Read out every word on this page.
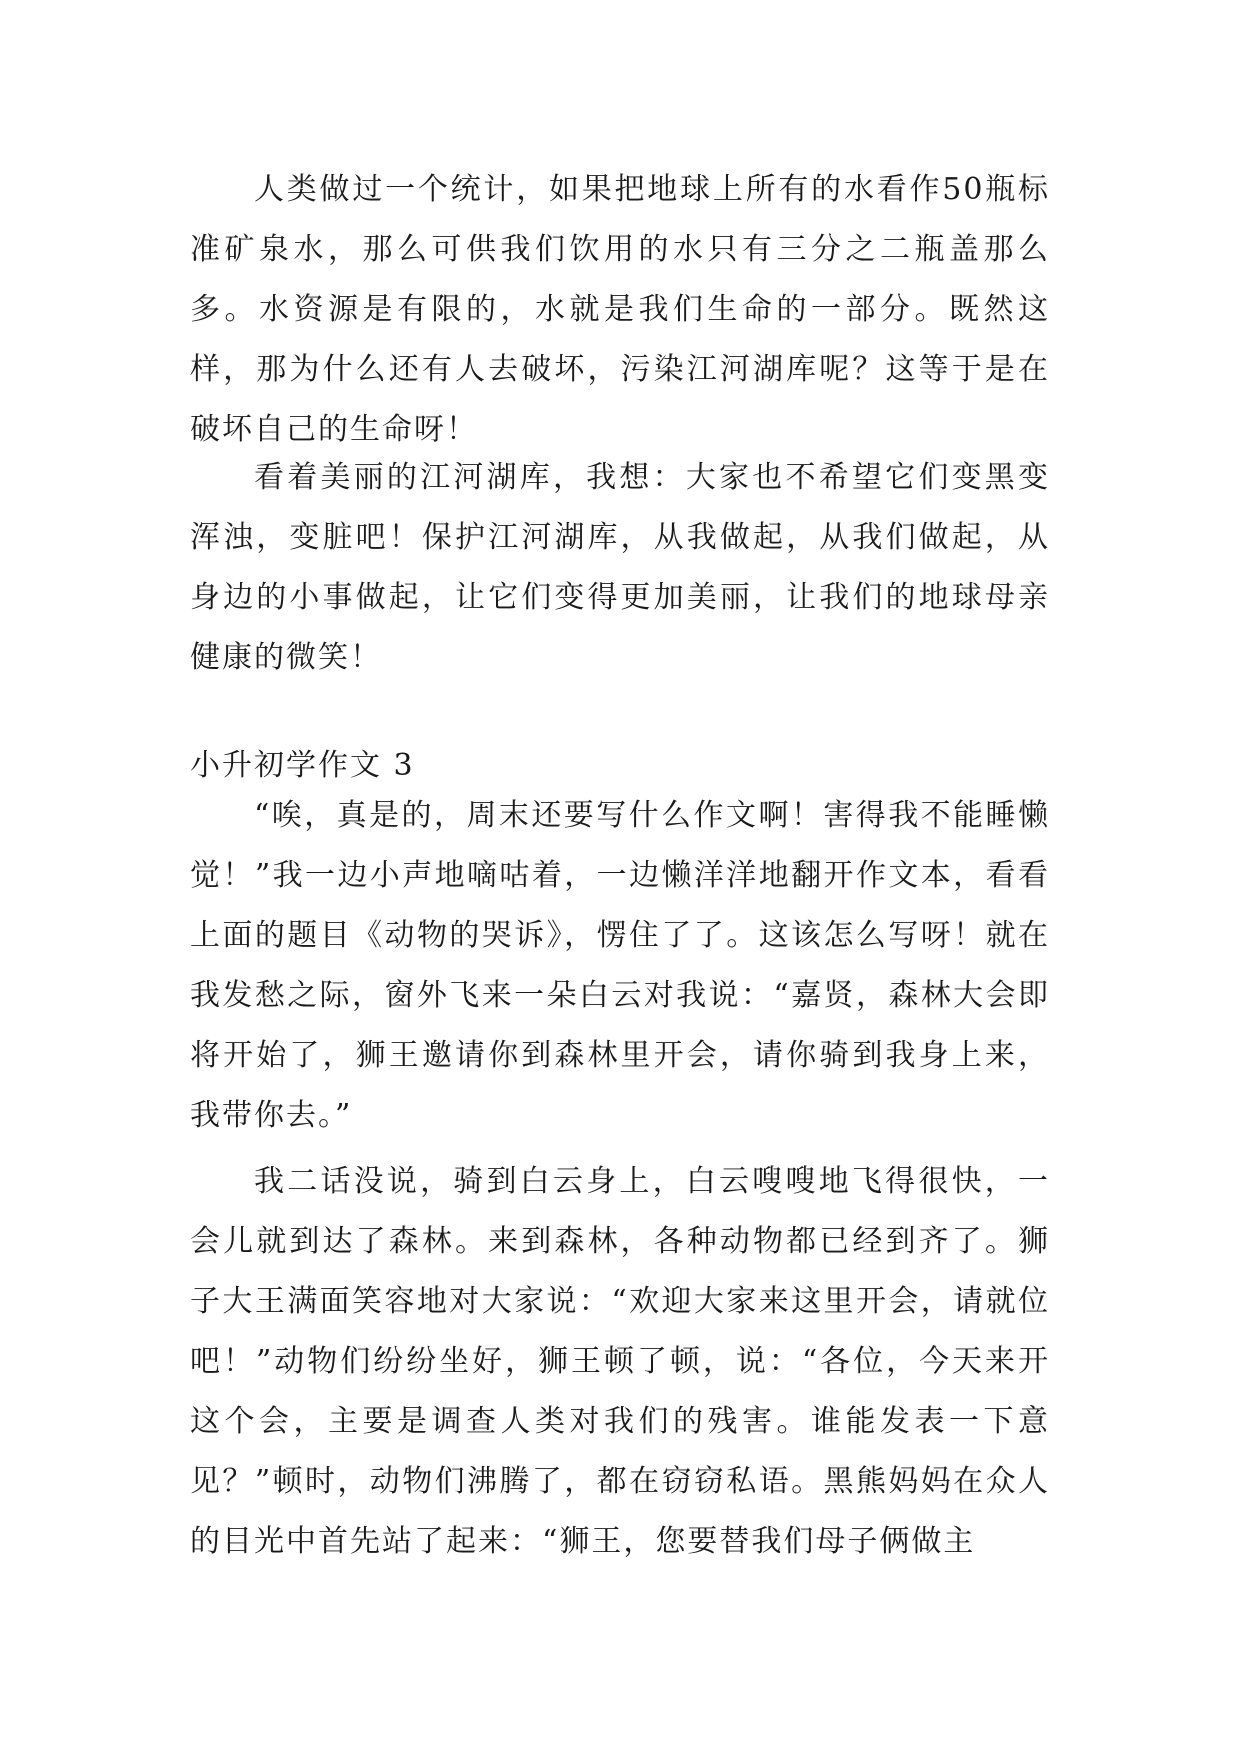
人类做过一个统计，如果把地球上所有的水看作50瓶标准矿泉水，那么可供我们饮用的水只有三分之二瓶盖那么多。水资源是有限的，水就是我们生命的一部分。既然这样，那为什么还有人去破坏，污染江河湖库呢？这等于是在破坏自己的生命呀！

看着美丽的江河湖库，我想：大家也不希望它们变黑变浑浊，变脏吧！保护江河湖库，从我做起，从我们做起，从身边的小事做起，让它们变得更加美丽，让我们的地球母亲健康的微笑！

小升初学作文 3

“唉，真是的，周末还要写什么作文啊！害得我不能睡懒觉！”我一边小声地嘀咕着，一边懒洋洋地翻开作文本，看看上面的题目《动物的哭诉》，愣住了了。这该怎么写呀！就在我发愁之际，窗外飞来一朵白云对我说：“嘉贤，森林大会即将开始了，狮王邀请你到森林里开会，请你骑到我身上来，我带你去。”

我二话没说，骑到白云身上，白云嗖嗖地飞得很快，一会儿就到达了森林。来到森林，各种动物都已经到齐了。狮子大王满面笑容地对大家说：“欢迎大家来这里开会，请就位吧！”动物们纷纷坐好，狮王顿了顿，说：“各位，今天来开这个会，主要是调查人类对我们的残害。谁能发表一下意见？”顿时，动物们沸腾了，都在窃窃私语。黑熊妈妈在众人的目光中首先站了起来：“狮王，您要替我们母子俩做主
